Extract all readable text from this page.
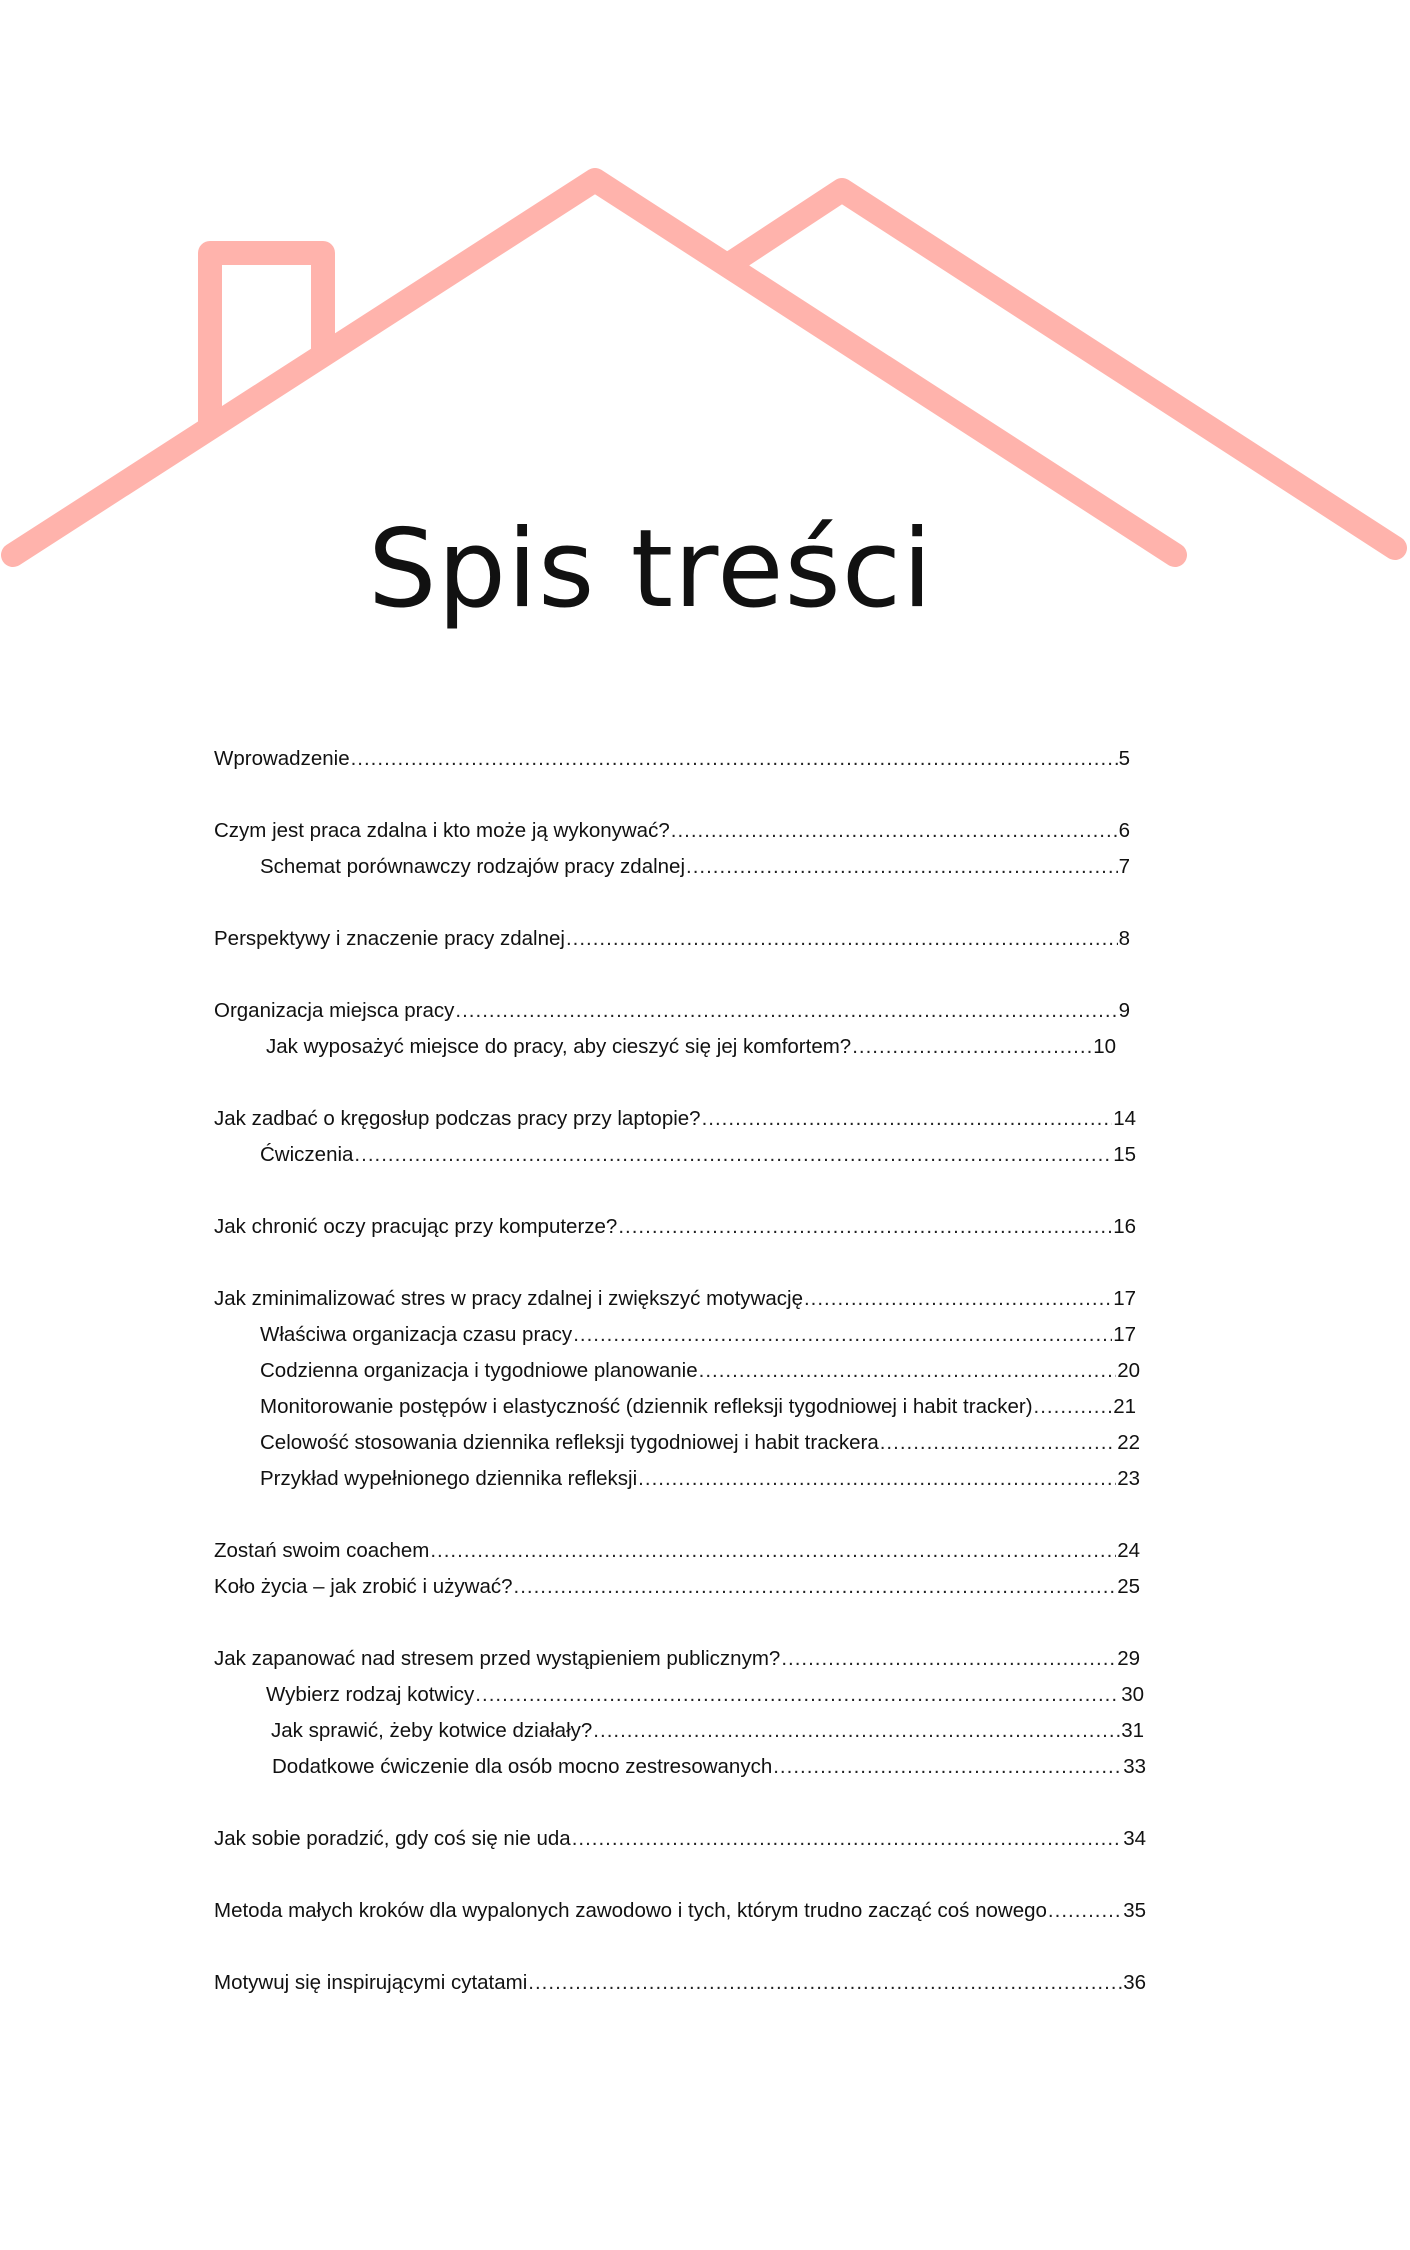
Spis treści
Wprowadzenie .....	5
Czym jest praca zdalna i kto może ją wykonywać? .....	6
Schemat porównawczy rodzajów pracy zdalnej .....	7
Perspektywy i znaczenie pracy zdalnej .....	8
Organizacja miejsca pracy .....	9
Jak wyposażyć miejsce do pracy, aby cieszyć się jej komfortem? .....	10
Jak zadbać o kręgosłup podczas pracy przy laptopie? .....	14
Ćwiczenia .....	15
Jak chronić oczy pracując przy komputerze? .....	16
Jak zminimalizować stres w pracy zdalnej i zwiększyć motywację .....	17
Właściwa organizacja czasu pracy .....	17
Codzienna organizacja i tygodniowe planowanie .....	20
Monitorowanie postępów i elastyczność (dziennik refleksji tygodniowej i habit tracker) .....	21
Celowość stosowania dziennika refleksji tygodniowej i habit trackera .....	22
Przykład wypełnionego dziennika refleksji .....	23
Zostań swoim coachem .....	24
Koło życia – jak zrobić i używać? .....	25
Jak zapanować nad stresem przed wystąpieniem publicznym? .....	29
Wybierz rodzaj kotwicy .....	30
Jak sprawić, żeby kotwice działały? .....	31
Dodatkowe ćwiczenie dla osób mocno zestresowanych .....	33
Jak sobie poradzić, gdy coś się nie uda .....	34
Metoda małych kroków dla wypalonych zawodowo i tych, którym trudno zacząć coś nowego .....	35
Motywuj się inspirującymi cytatami .....	36
